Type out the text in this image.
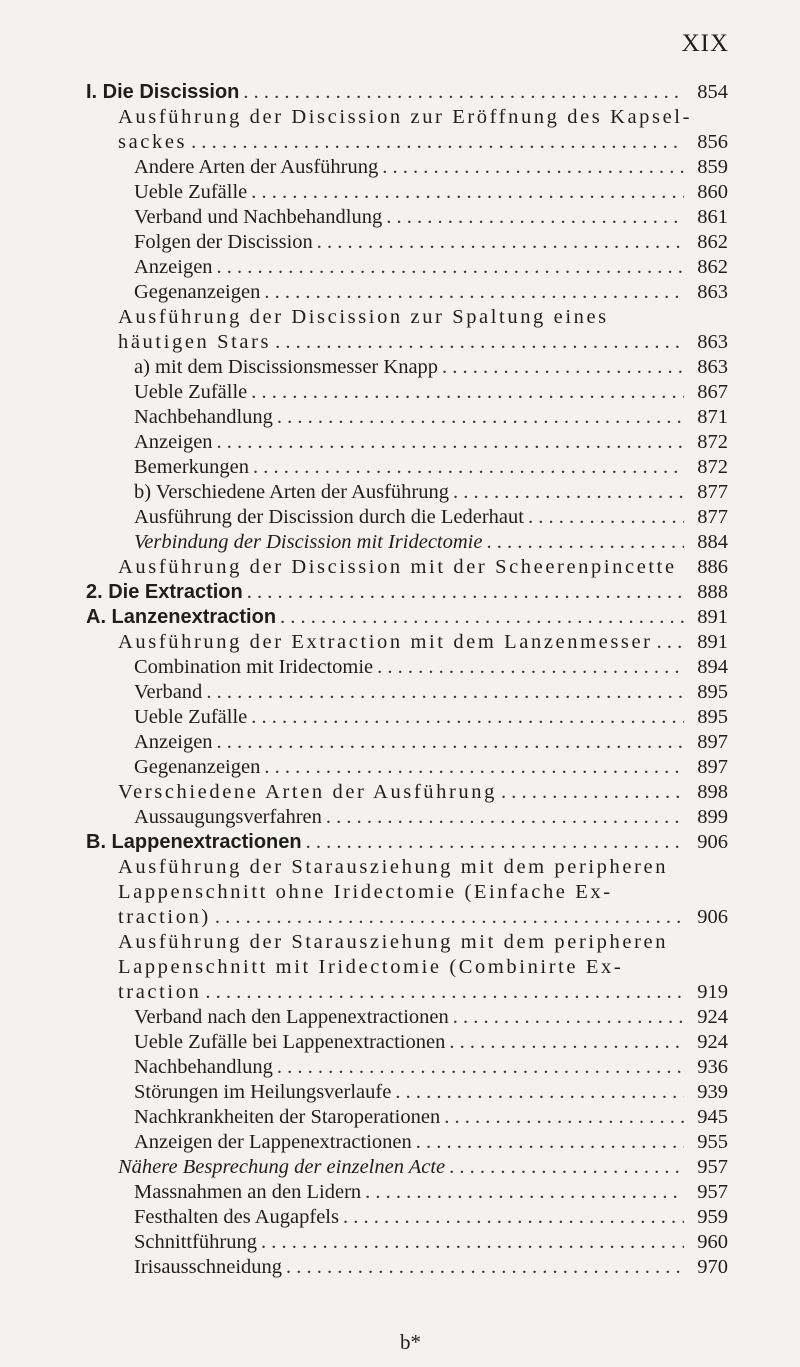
XIX
I. Die Discission . . .	854
Ausführung der Discission zur Eröffnung des Kapsel-
sackes . . .	856
Andere Arten der Ausführung . . .	859
Ueble Zufälle . . .	860
Verband und Nachbehandlung . . .	861
Folgen der Discission . . .	862
Anzeigen . . .	862
Gegenanzeigen . . .	863
Ausführung der Discission zur Spaltung eines
häutigen Stars . . .	863
a) mit dem Discissionsmesser Knapp . . .	863
Ueble Zufälle . . .	867
Nachbehandlung . . .	871
Anzeigen . . .	872
Bemerkungen . . .	872
b) Verschiedene Arten der Ausführung . . .	877
Ausführung der Discission durch die Lederhaut . . .	877
Verbindung der Discission mit Iridectomie . . .	884
Ausführung der Discission mit der Scheerenpincette	886
2. Die Extraction . . .	888
A. Lanzenextraction . . .	891
Ausführung der Extraction mit dem Lanzenmesser . . .	891
Combination mit Iridectomie . . .	894
Verband . . .	895
Ueble Zufälle . . .	895
Anzeigen . . .	897
Gegenanzeigen . . .	897
Verschiedene Arten der Ausführung . . .	898
Aussaugungsverfahren . . .	899
B. Lappenextractionen . . .	906
Ausführung der Starausziehung mit dem peripheren
Lappenschnitt ohne Iridectomie (Einfache Ex-
traction) . . .	906
Ausführung der Starausziehung mit dem peripheren
Lappenschnitt mit Iridectomie (Combinirte Ex-
traction . . .	919
Verband nach den Lappenextractionen . . .	924
Ueble Zufälle bei Lappenextractionen . . .	924
Nachbehandlung . . .	936
Störungen im Heilungsverlaufe . . .	939
Nachkrankheiten der Staroperationen . . .	945
Anzeigen der Lappenextractionen . . .	955
Nähere Besprechung der einzelnen Acte . . .	957
Massnahmen an den Lidern . . .	957
Festhalten des Augapfels . . .	959
Schnittführung . . .	960
Irisausschneidung . . .	970
b*
